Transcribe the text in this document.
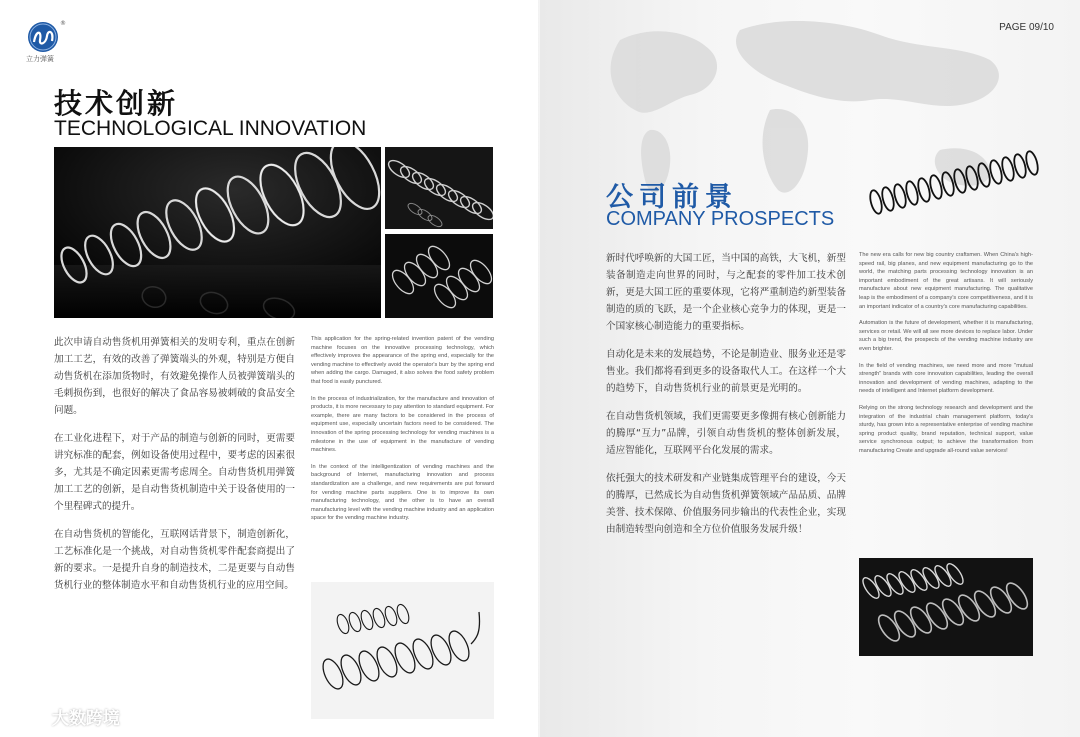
®
立力弹簧
技术创新
TECHNOLOGICAL INNOVATION

此次申请自动售货机用弹簧相关的发明专利，重点在创新加工工艺，有效的改善了弹簧端头的外观，特别是方便自动售货机在添加货物时，有效避免操作人员被弹簧端头的毛刺损伤到，也很好的解决了食品容易被刺破的食品安全问题。

在工业化进程下，对于产品的制造与创新的同时，更需要讲究标准的配套，例如设备使用过程中，要考虑的因素很多，尤其是不确定因素更需考虑周全。自动售货机用弹簧加工工艺的创新，是自动售货机制造中关于设备使用的一个里程碑式的提升。

在自动售货机的智能化，互联网话背景下，制造创新化，工艺标准化是一个挑战，对自动售货机零件配套商提出了新的要求。一是提升自身的制造技术，二是更要与自动售货机行业的整体制造水平和自动售货机行业的应用空间。

This application for the spring-related invention patent of the vending machine focuses on the innovative processing technology, which effectively improves the appearance of the spring end, especially for the vending machine to effectively avoid the operator's burr by the spring end when adding the cargo. Damaged, it also solves the food safety problem that food is easily punctured.

In the process of industrialization, for the manufacture and innovation of products, it is more necessary to pay attention to standard equipment. For example, there are many factors to be considered in the process of equipment use, especially uncertain factors need to be considered. The innovation of the spring processing technology for vending machines is a milestone in the use of equipment in the manufacture of vending machines.

In the context of the intelligentization of vending machines and the background of Internet, manufacturing innovation and process standardization are a challenge, and new requirements are put forward for vending machine parts suppliers. One is to improve its own manufacturing technology, and the other is to have an overall manufacturing level with the vending machine industry and an application space for the vending machine industry.

PAGE 09/10
公司前景
COMPANY PROSPECTS

新时代呼唤新的大国工匠，当中国的高铁，大飞机，新型装备制造走向世界的同时，与之配套的零件加工技术创新，更是大国工匠的重要体现，它将严重制造约新型装备制造的质的飞跃，是一个企业核心竞争力的体现，更是一个国家核心制造能力的重要指标。

自动化是未来的发展趋势，不论是制造业、服务业还是零售业。我们都将看到更多的设备取代人工。在这样一个大的趋势下，自动售货机行业的前景更是光明的。

在自动售货机领域，我们更需要更多像拥有核心创新能力的腾厚“互力”品牌，引领自动售货机的整体创新发展，适应智能化，互联网平台化发展的需求。

依托强大的技术研发和产业链集成管理平台的建设，今天的腾厚，已然成长为自动售货机弹簧领域产品品质、品牌美誉、技术保障、价值服务同步输出的代表性企业，实现由制造转型向创造和全方位价值服务发展升级！

The new era calls for new big country craftsmen. When China's high-speed rail, big planes, and new equipment manufacturing go to the world, the matching parts processing technology innovation is an important embodiment of the great artisans. It will seriously manufacture about new equipment manufacturing. The qualitative leap is the embodiment of a company's core competitiveness, and it is an important indicator of a country's core manufacturing capabilities.

Automation is the future of development, whether it is manufacturing, services or retail. We will all see more devices to replace labor. Under such a big trend, the prospects of the vending machine industry are even brighter.

In the field of vending machines, we need more and more "mutual strength" brands with core innovation capabilities, leading the overall innovation and development of vending machines, adapting to the needs of intelligent and Internet platform development.

Relying on the strong technology research and development and the integration of the industrial chain management platform, today's sturdy, has grown into a representative enterprise of vending machine spring product quality, brand reputation, technical support, value service synchronous output; to achieve the transformation from manufacturing Create and upgrade all-round value services!

大数跨境
